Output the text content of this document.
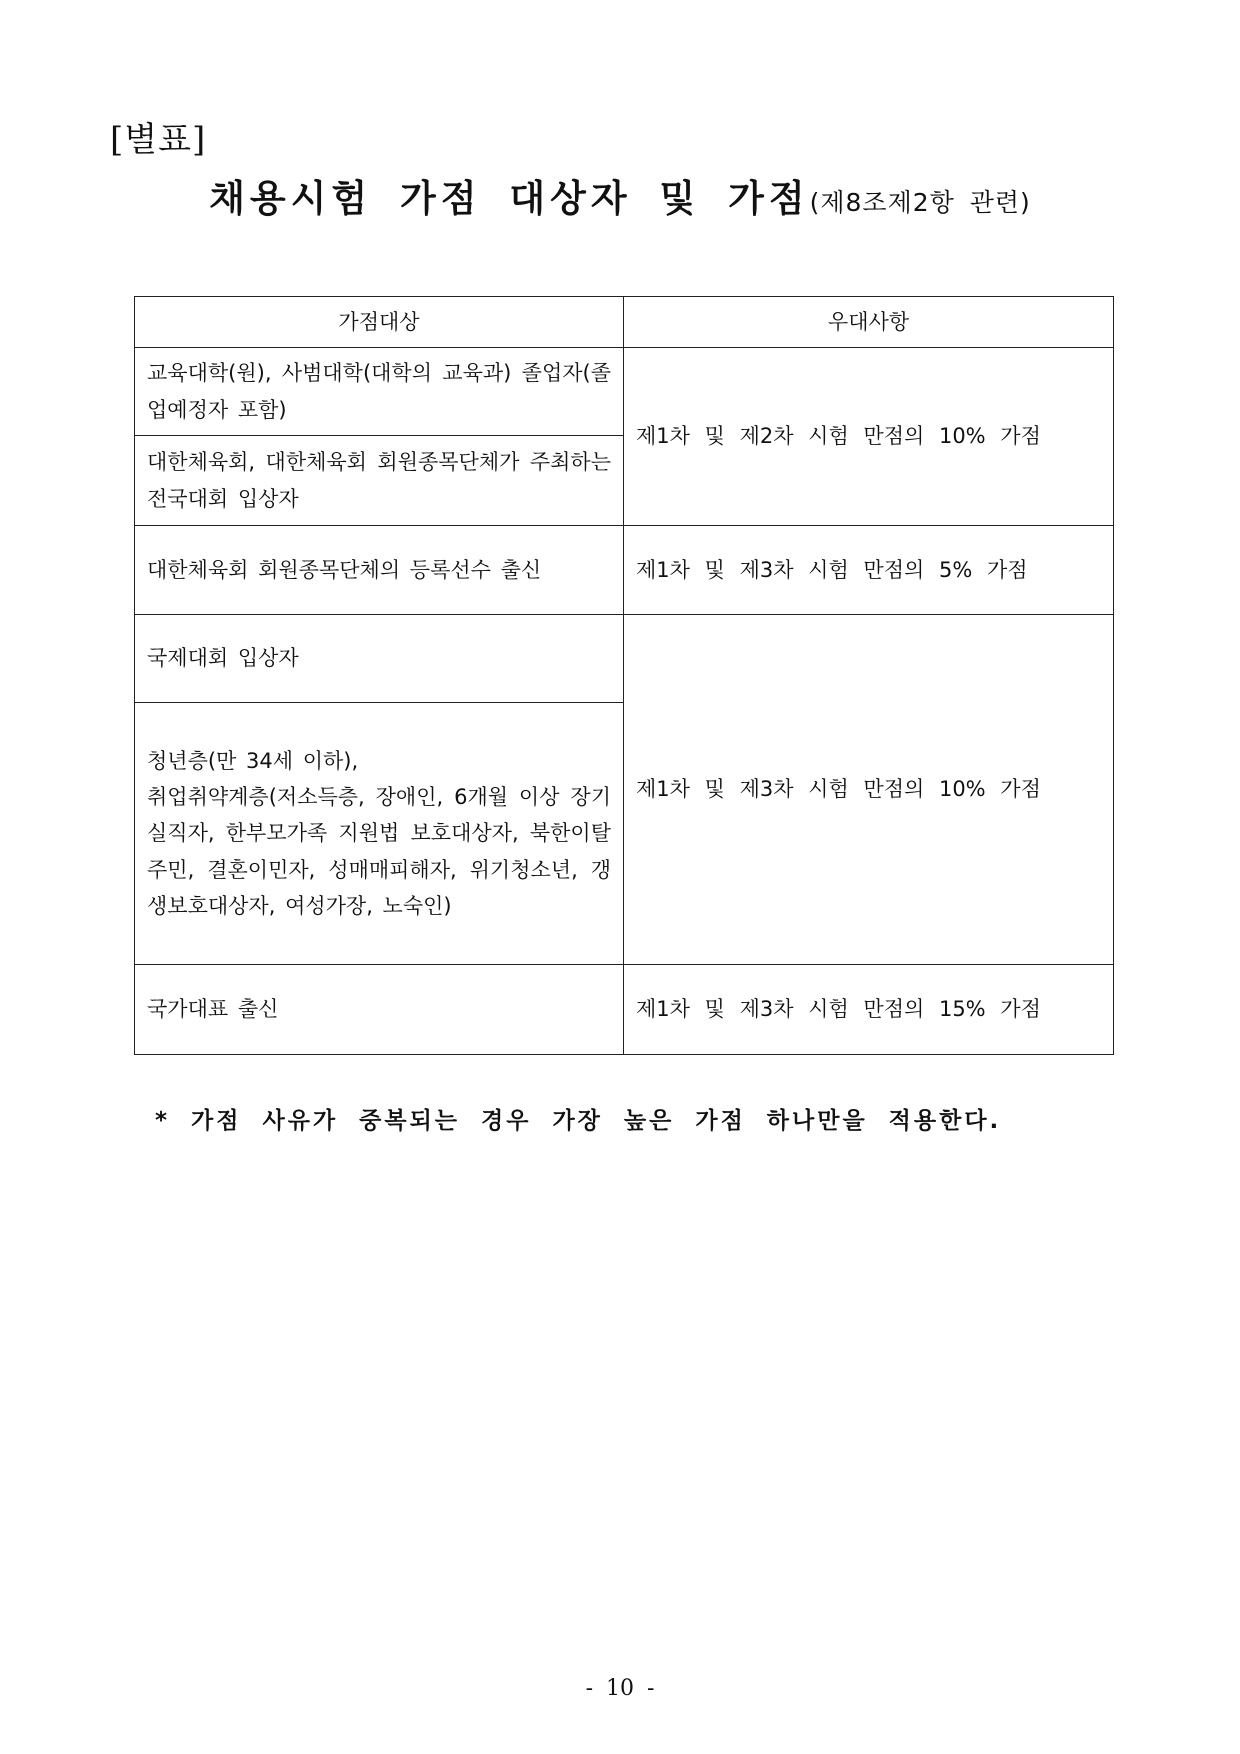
[별표]
채용시험 가점 대상자 및 가점(제8조제2항 관련)
가점대상	우대사항
교육대학(원), 사범대학(대학의 교육과) 졸업자(졸업예정자 포함)	제1차 및 제2차 시험 만점의 10% 가점
대한체육회, 대한체육회 회원종목단체가 주최하는 전국대회 입상자	
대한체육회 회원종목단체의 등록선수 출신	제1차 및 제3차 시험 만점의 5% 가점
국제대회 입상자	제1차 및 제3차 시험 만점의 10% 가점

청년층(만 34세 이하),
취업취약계층(저소득층, 장애인, 6개월 이상 장기실직자, 한부모가족 지원법 보호대상자, 북한이탈주민, 결혼이민자, 성매매피해자, 위기청소년, 갱생보호대상자, 여성가장, 노숙인)	

국가대표 출신	제1차 및 제3차 시험 만점의 15% 가점
* 가점 사유가 중복되는 경우 가장 높은 가점 하나만을 적용한다.
- 10 -
